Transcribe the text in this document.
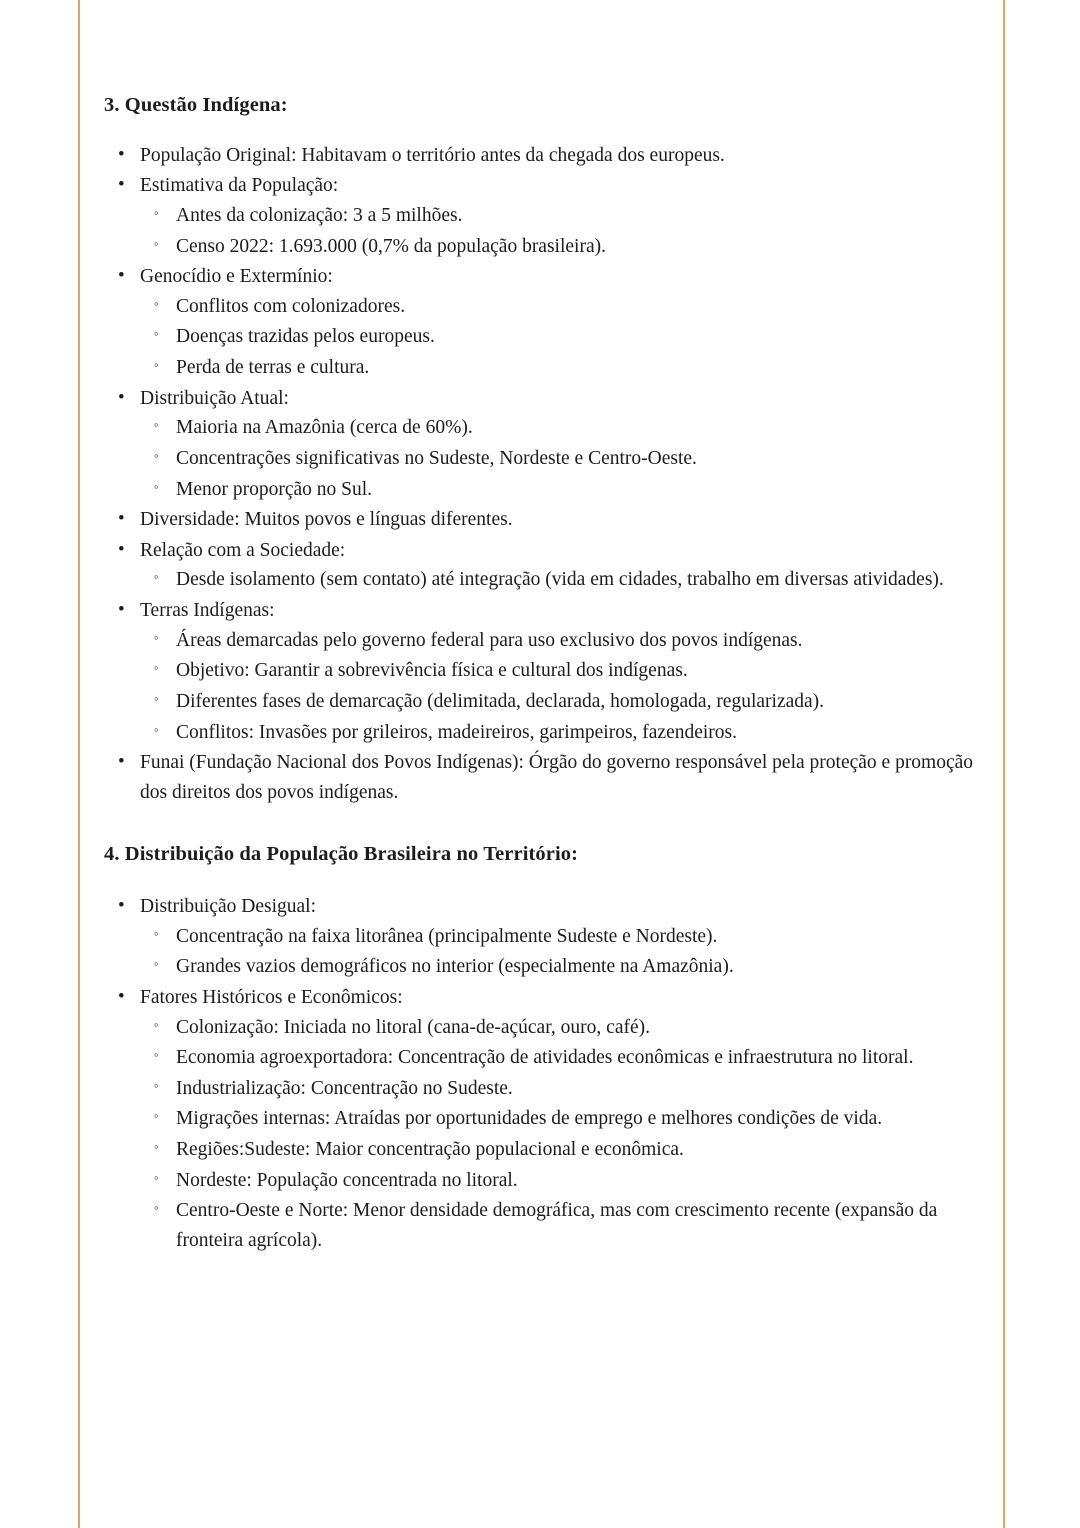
3. Questão Indígena:
• População Original: Habitavam o território antes da chegada dos europeus.
• Estimativa da População:
◦ Antes da colonização: 3 a 5 milhões.
◦ Censo 2022: 1.693.000 (0,7% da população brasileira).
• Genocídio e Extermínio:
◦ Conflitos com colonizadores.
◦ Doenças trazidas pelos europeus.
◦ Perda de terras e cultura.
• Distribuição Atual:
◦ Maioria na Amazônia (cerca de 60%).
◦ Concentrações significativas no Sudeste, Nordeste e Centro-Oeste.
◦ Menor proporção no Sul.
• Diversidade: Muitos povos e línguas diferentes.
• Relação com a Sociedade:
◦ Desde isolamento (sem contato) até integração (vida em cidades, trabalho em diversas atividades).
• Terras Indígenas:
◦ Áreas demarcadas pelo governo federal para uso exclusivo dos povos indígenas.
◦ Objetivo: Garantir a sobrevivência física e cultural dos indígenas.
◦ Diferentes fases de demarcação (delimitada, declarada, homologada, regularizada).
◦ Conflitos: Invasões por grileiros, madeireiros, garimpeiros, fazendeiros.
• Funai (Fundação Nacional dos Povos Indígenas): Órgão do governo responsável pela proteção e promoção dos direitos dos povos indígenas.
4. Distribuição da População Brasileira no Território:
• Distribuição Desigual:
◦ Concentração na faixa litorânea (principalmente Sudeste e Nordeste).
◦ Grandes vazios demográficos no interior (especialmente na Amazônia).
• Fatores Históricos e Econômicos:
◦ Colonização: Iniciada no litoral (cana-de-açúcar, ouro, café).
◦ Economia agroexportadora: Concentração de atividades econômicas e infraestrutura no litoral.
◦ Industrialização: Concentração no Sudeste.
◦ Migrações internas: Atraídas por oportunidades de emprego e melhores condições de vida.
◦ Regiões:Sudeste: Maior concentração populacional e econômica.
◦ Nordeste: População concentrada no litoral.
◦ Centro-Oeste e Norte: Menor densidade demográfica, mas com crescimento recente (expansão da fronteira agrícola).
